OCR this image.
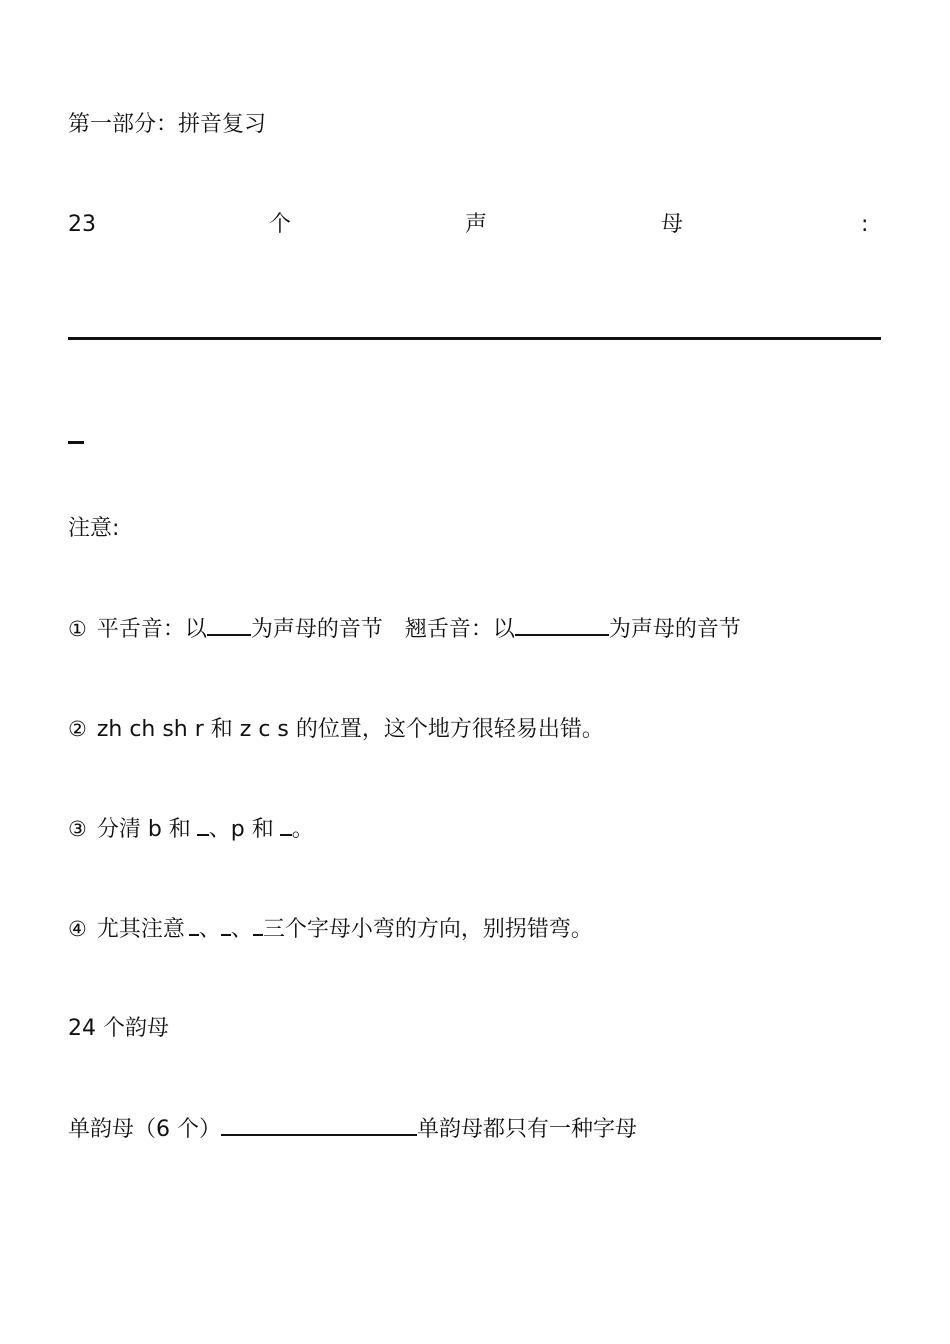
第一部分：拼音复习
23	个	声	母	:
注意:
① 平舌音：以 为声母的音节 翘舌音：以	为声母的音节
② zh ch sh r 和 z c s 的位置，这个地方很轻易出错。
③ 分清 b 和 、p 和 。
④ 尤其注意 、 、 三个字母小弯的方向，别拐错弯。
24 个韵母
单韵母（6 个）	单韵母都只有一种字母
